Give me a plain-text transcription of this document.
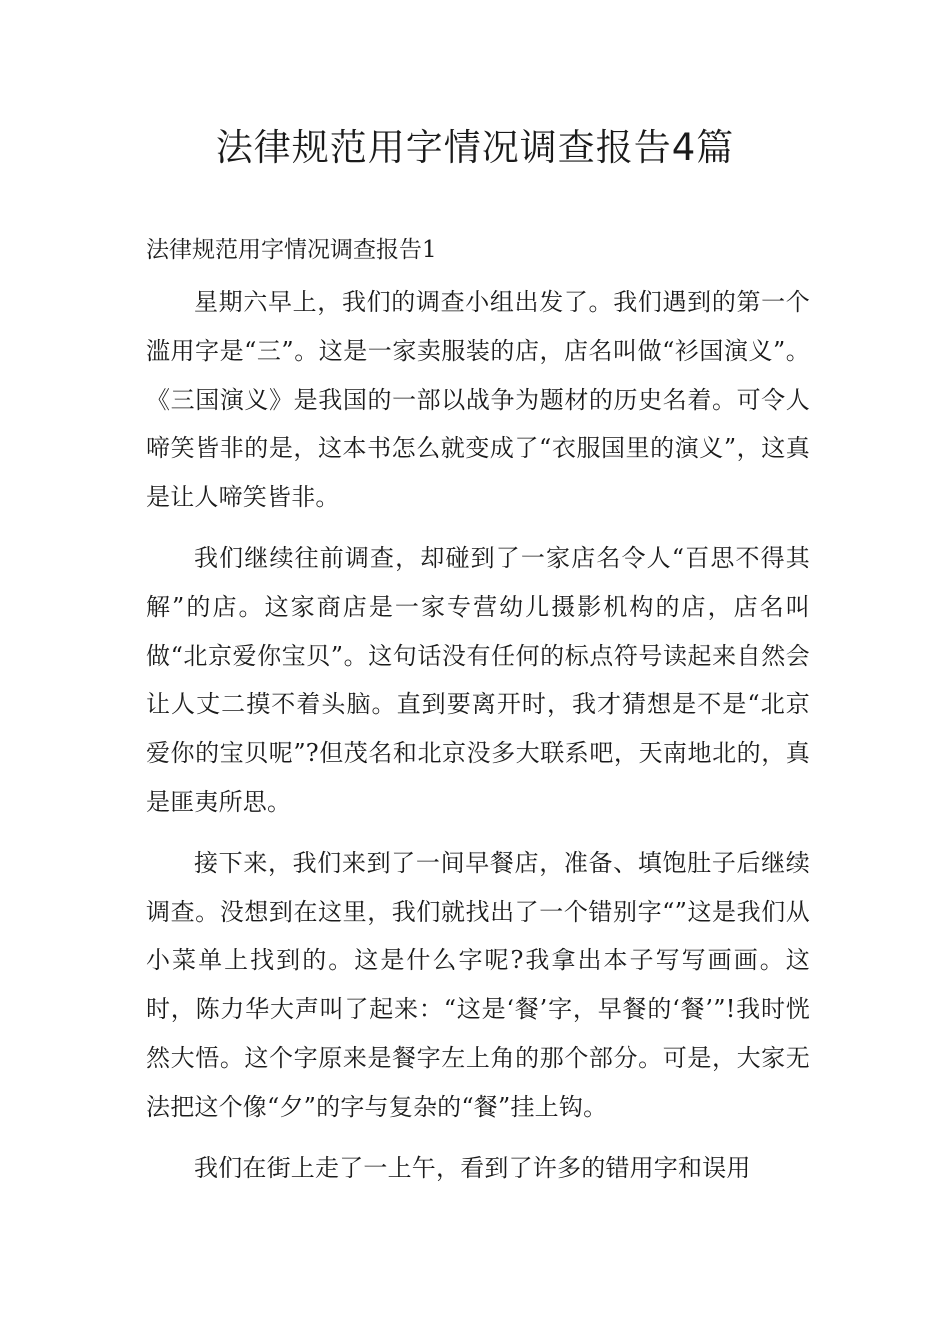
法律规范用字情况调查报告4篇
法律规范用字情况调查报告1

星期六早上，我们的调查小组出发了。我们遇到的第一个滥用字是“三”。这是一家卖服装的店，店名叫做“衫国演义”。《三国演义》是我国的一部以战争为题材的历史名着。可令人啼笑皆非的是，这本书怎么就变成了“衣服国里的演义”，这真是让人啼笑皆非。

我们继续往前调查，却碰到了一家店名令人“百思不得其解”的店。这家商店是一家专营幼儿摄影机构的店，店名叫做“北京爱你宝贝”。这句话没有任何的标点符号读起来自然会让人丈二摸不着头脑。直到要离开时，我才猜想是不是“北京爱你的宝贝呢”?但茂名和北京没多大联系吧，天南地北的，真是匪夷所思。

接下来，我们来到了一间早餐店，准备、填饱肚子后继续调查。没想到在这里，我们就找出了一个错别字“”这是我们从小菜单上找到的。这是什么字呢?我拿出本子写写画画。这时，陈力华大声叫了起来：“这是‘餐’字，早餐的‘餐’”!我时恍然大悟。这个字原来是餐字左上角的那个部分。可是，大家无法把这个像“夕”的字与复杂的“餐”挂上钩。

我们在街上走了一上午，看到了许多的错用字和误用
